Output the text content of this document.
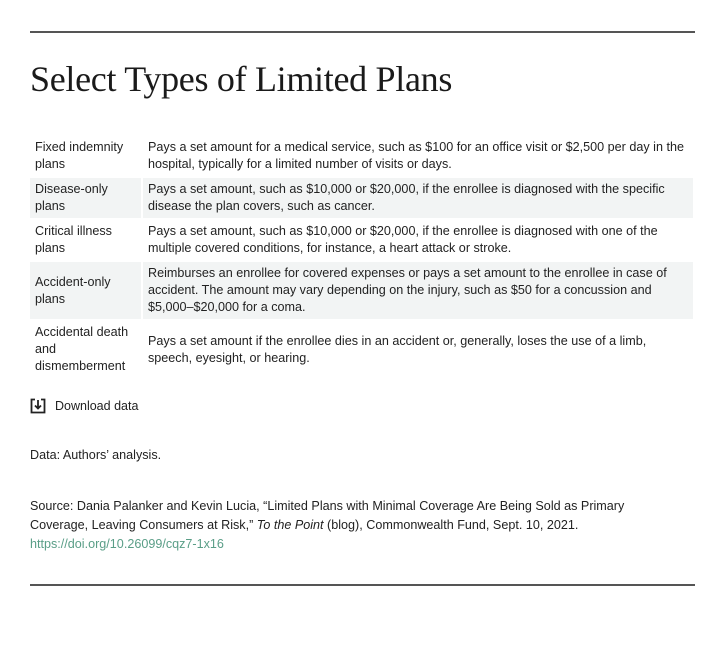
Select Types of Limited Plans
Fixed indemnity plans	Pays a set amount for a medical service, such as $100 for an office visit or $2,500 per day in the hospital, typically for a limited number of visits or days.
Disease-only plans	Pays a set amount, such as $10,000 or $20,000, if the enrollee is diagnosed with the specific disease the plan covers, such as cancer.
Critical illness plans	Pays a set amount, such as $10,000 or $20,000, if the enrollee is diagnosed with one of the multiple covered conditions, for instance, a heart attack or stroke.
Accident-only plans	Reimburses an enrollee for covered expenses or pays a set amount to the enrollee in case of accident. The amount may vary depending on the injury, such as $50 for a concussion and $5,000–$20,000 for a coma.
Accidental death and dismemberment	Pays a set amount if the enrollee dies in an accident or, generally, loses the use of a limb, speech, eyesight, or hearing.
Download data
Data: Authors’ analysis.
Source: Dania Palanker and Kevin Lucia, “Limited Plans with Minimal Coverage Are Being Sold as Primary Coverage, Leaving Consumers at Risk,” To the Point (blog), Commonwealth Fund, Sept. 10, 2021. https://doi.org/10.26099/cqz7-1x16
